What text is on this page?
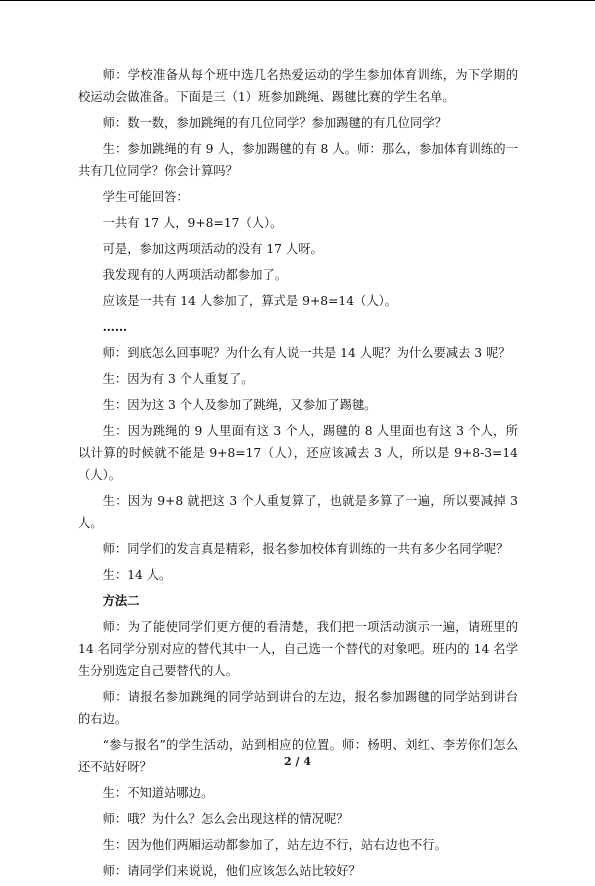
师：学校准备从每个班中选几名热爱运动的学生参加体育训练，为下学期的校运动会做准备。下面是三（1）班参加跳绳、踢毽比赛的学生名单。

师：数一数，参加跳绳的有几位同学？参加踢毽的有几位同学？

生：参加跳绳的有 9 人，参加踢毽的有 8 人。师：那么，参加体育训练的一共有几位同学？你会计算吗？

学生可能回答：

一共有 17 人，9+8=17（人）。

可是，参加这两项活动的没有 17 人呀。

我发现有的人两项活动都参加了。

应该是一共有 14 人参加了，算式是 9+8=14（人）。

……

师：到底怎么回事呢？为什么有人说一共是 14 人呢？为什么要减去 3 呢？

生：因为有 3 个人重复了。

生：因为这 3 个人及参加了跳绳，又参加了踢毽。

生：因为跳绳的 9 人里面有这 3 个人，踢毽的 8 人里面也有这 3 个人，所以计算的时候就不能是 9+8=17（人），还应该减去 3 人，所以是 9+8-3=14（人）。

生：因为 9+8 就把这 3 个人重复算了，也就是多算了一遍，所以要减掉 3 人。

师：同学们的发言真是精彩，报名参加校体育训练的一共有多少名同学呢？

生：14 人。

方法二

师：为了能使同学们更方便的看清楚，我们把一项活动演示一遍，请班里的 14 名同学分别对应的替代其中一人，自己选一个替代的对象吧。班内的 14 名学生分别选定自己要替代的人。

师：请报名参加跳绳的同学站到讲台的左边，报名参加踢毽的同学站到讲台的右边。

“参与报名”的学生活动，站到相应的位置。师：杨明、刘红、李芳你们怎么还不站好呀？

生：不知道站哪边。

师：哦？为什么？怎么会出现这样的情况呢？

生：因为他们两厢运动都参加了，站左边不行，站右边也不行。

师：请同学们来说说，他们应该怎么站比较好？

2 / 4
